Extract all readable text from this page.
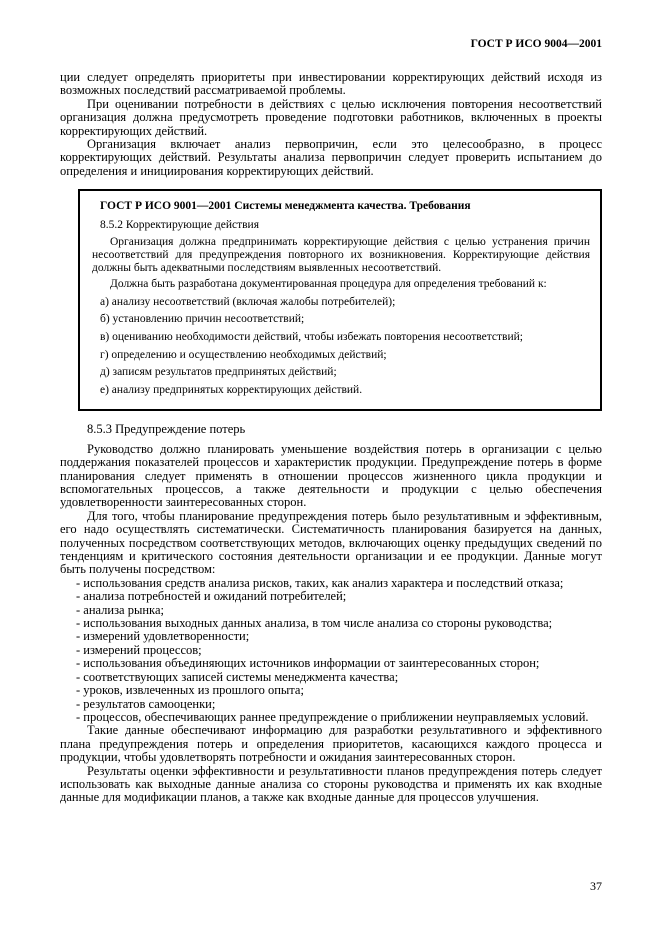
ГОСТ Р ИСО 9004—2001

ции следует определять приоритеты при инвестировании корректирующих действий исходя из возможных последствий рассматриваемой проблемы.

При оценивании потребности в действиях с целью исключения повторения несоответствий организация должна предусмотреть проведение подготовки работников, включенных в проекты корректирующих действий.

Организация включает анализ первопричин, если это целесообразно, в процесс корректирующих действий. Результаты анализа первопричин следует проверить испытанием до определения и инициирования корректирующих действий.

ГОСТ Р ИСО 9001—2001 Системы менеджмента качества. Требования

8.5.2 Корректирующие действия

Организация должна предпринимать корректирующие действия с целью устранения причин несоответствий для предупреждения повторного их возникновения. Корректирующие действия должны быть адекватными последствиям выявленных несоответствий.

Должна быть разработана документированная процедура для определения требований к:

а) анализу несоответствий (включая жалобы потребителей);

б) установлению причин несоответствий;

в) оцениванию необходимости действий, чтобы избежать повторения несоответствий;

г) определению и осуществлению необходимых действий;

д) записям результатов предпринятых действий;

е) анализу предпринятых корректирующих действий.

8.5.3 Предупреждение потерь

Руководство должно планировать уменьшение воздействия потерь в организации с целью поддержания показателей процессов и характеристик продукции. Предупреждение потерь в форме планирования следует применять в отношении процессов жизненного цикла продукции и вспомогательных процессов, а также деятельности и продукции с целью обеспечения удовлетворенности заинтересованных сторон.

Для того, чтобы планирование предупреждения потерь было результативным и эффективным, его надо осуществлять систематически. Систематичность планирования базируется на данных, полученных посредством соответствующих методов, включающих оценку предыдущих сведений по тенденциям и критического состояния деятельности организации и ее продукции. Данные могут быть получены посредством:

- использования средств анализа рисков, таких, как анализ характера и последствий отказа;

- анализа потребностей и ожиданий потребителей;

- анализа рынка;

- использования выходных данных анализа, в том числе анализа со стороны руководства;

- измерений удовлетворенности;

- измерений процессов;

- использования объединяющих источников информации от заинтересованных сторон;

- соответствующих записей системы менеджмента качества;

- уроков, извлеченных из прошлого опыта;

- результатов самооценки;

- процессов, обеспечивающих раннее предупреждение о приближении неуправляемых условий.

Такие данные обеспечивают информацию для разработки результативного и эффективного плана предупреждения потерь и определения приоритетов, касающихся каждого процесса и продукции, чтобы удовлетворять потребности и ожидания заинтересованных сторон.

Результаты оценки эффективности и результативности планов предупреждения потерь следует использовать как выходные данные анализа со стороны руководства и применять их как входные данные для модификации планов, а также как входные данные для процессов улучшения.

37
